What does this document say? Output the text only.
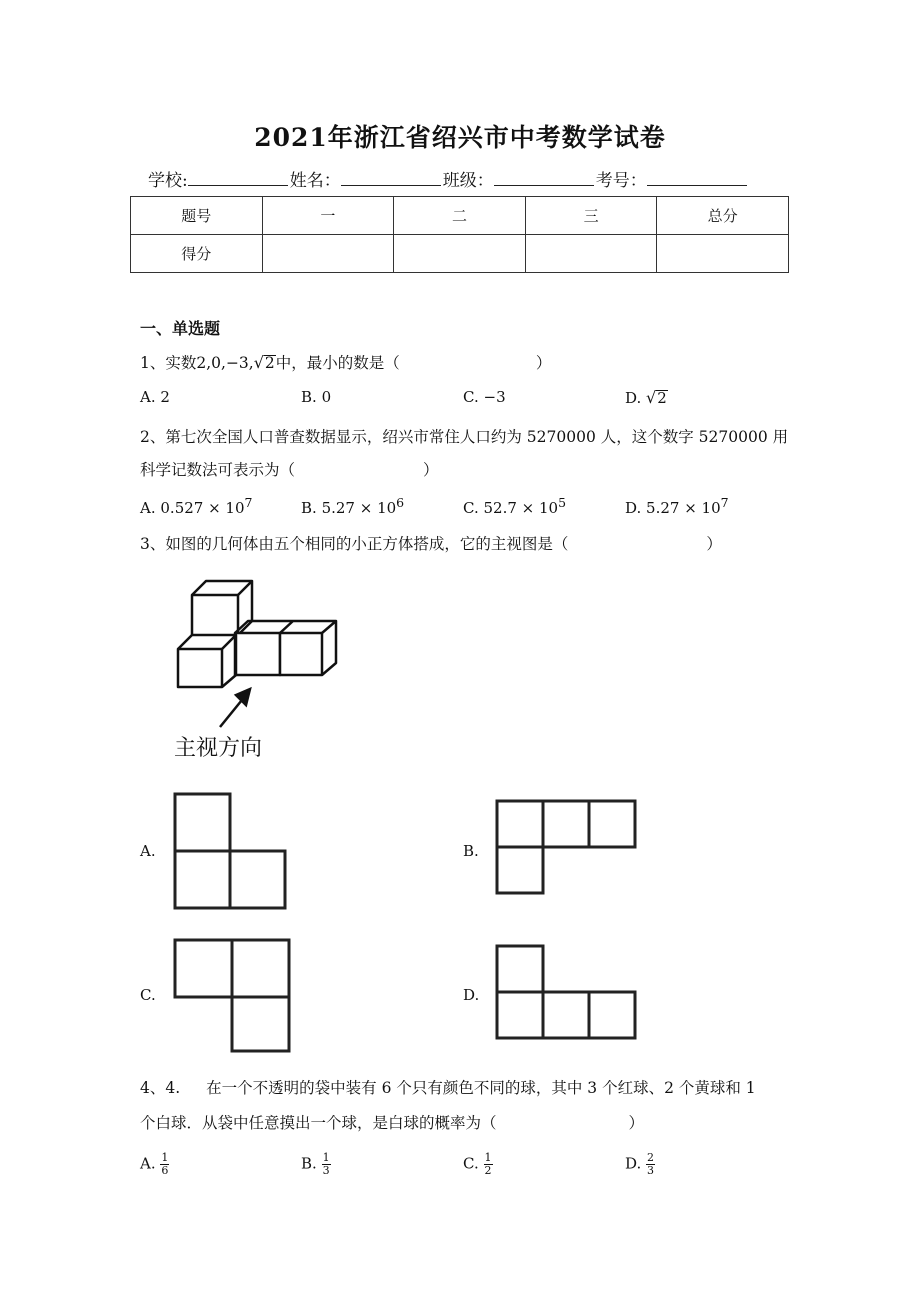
2021年浙江省绍兴市中考数学试卷
学校:	姓名：	班级：	考号：
题号	一	二	三	总分
得分				
一、单选题
1、实数2,0,−3,√2中，最小的数是（	）
A. 2	B. 0	C. −3	D. √2
2、第七次全国人口普查数据显示，绍兴市常住人口约为 5270000 人，这个数字 5270000 用
科学记数法可表示为（	）
A. $0.527 \times 10^7$	B. $5.27 \times 10^6$	C. $52.7 \times 10^5$	D. $5.27 \times 10^7$
3、如图的几何体由五个相同的小正方体搭成，它的主视图是（	）
主视方向
A.	B.
C.	D.
4、4. 在一个不透明的袋中装有 6 个只有颜色不同的球，其中 3 个红球、2 个黄球和 1
个白球．从袋中任意摸出一个球，是白球的概率为（	）
A. $\frac{1}{6}$	B. $\frac{1}{3}$	C. $\frac{1}{2}$	D. $\frac{2}{3}$
